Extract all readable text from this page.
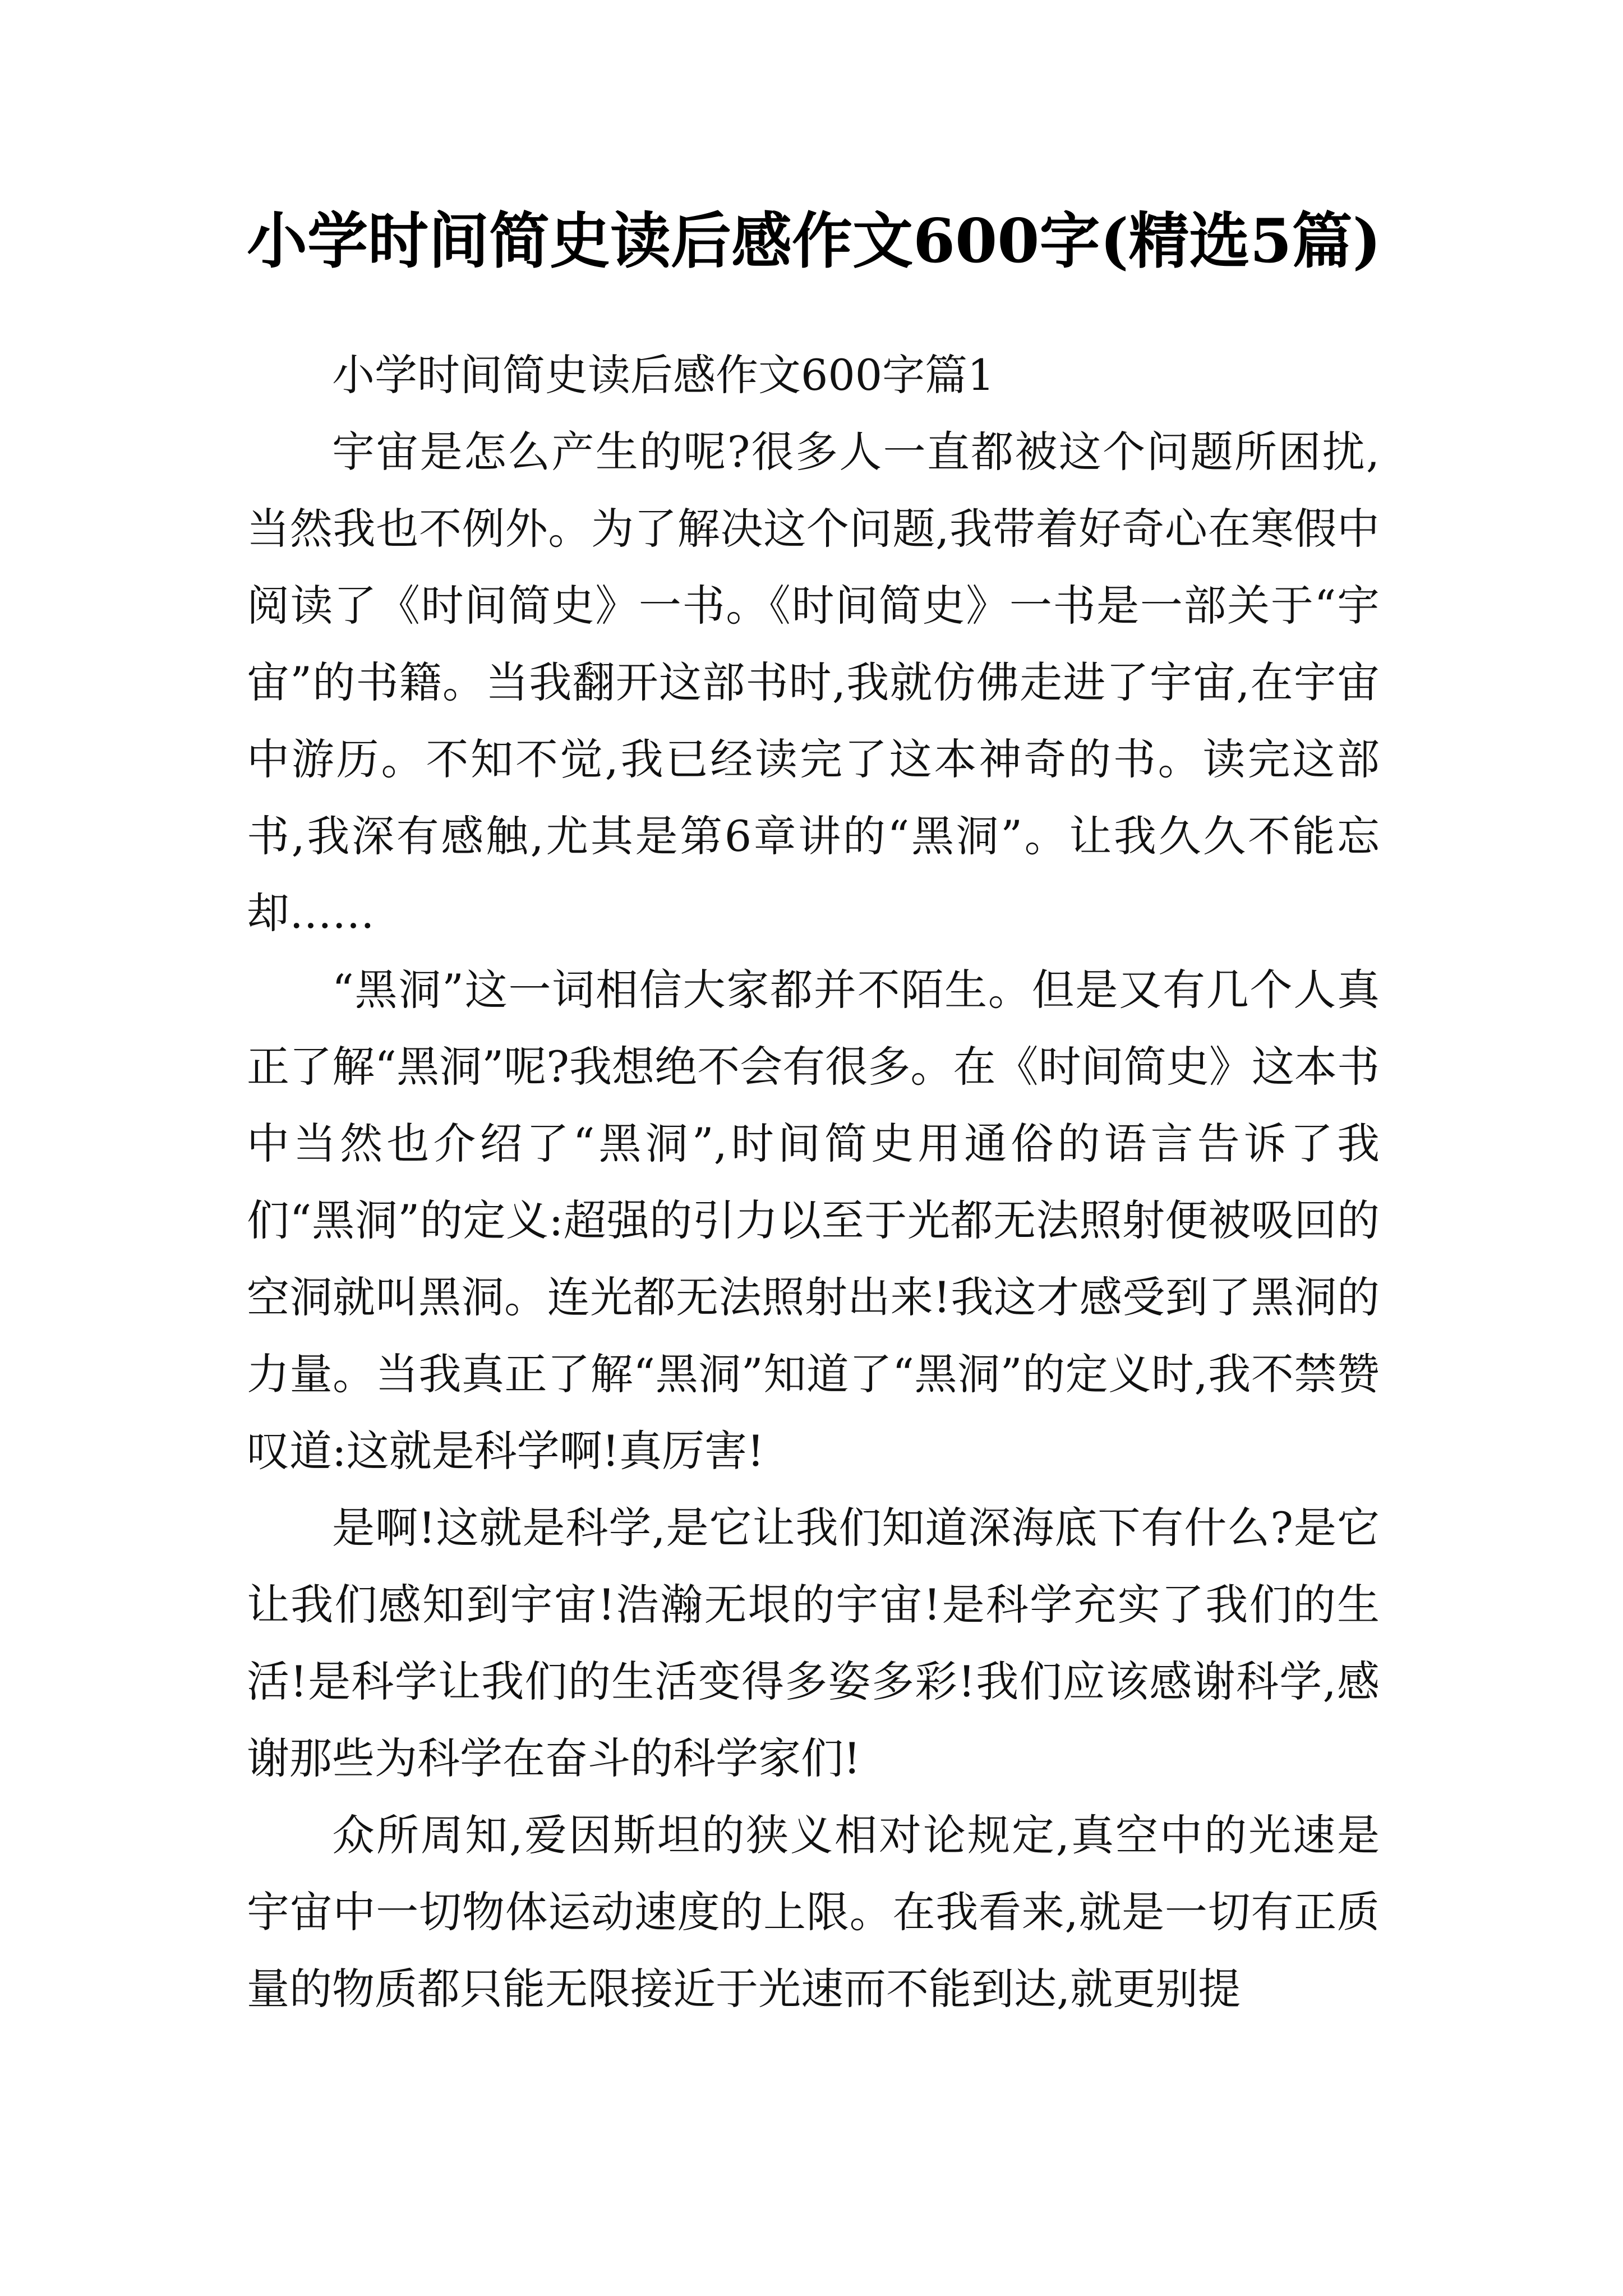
小学时间简史读后感作文600字(精选5篇)

小学时间简史读后感作文600字篇1

宇宙是怎么产生的呢?很多人一直都被这个问题所困扰,当然我也不例外。为了解决这个问题,我带着好奇心在寒假中阅读了《时间简史》一书。《时间简史》一书是一部关于“宇宙”的书籍。当我翻开这部书时,我就仿佛走进了宇宙,在宇宙中游历。不知不觉,我已经读完了这本神奇的书。读完这部书,我深有感触,尤其是第6章讲的“黑洞”。让我久久不能忘却……

“黑洞”这一词相信大家都并不陌生。但是又有几个人真正了解“黑洞”呢?我想绝不会有很多。在《时间简史》这本书中当然也介绍了“黑洞”,时间简史用通俗的语言告诉了我们“黑洞”的定义:超强的引力以至于光都无法照射便被吸回的空洞就叫黑洞。连光都无法照射出来!我这才感受到了黑洞的力量。当我真正了解“黑洞”知道了“黑洞”的定义时,我不禁赞叹道:这就是科学啊!真厉害!

是啊!这就是科学,是它让我们知道深海底下有什么?是它让我们感知到宇宙!浩瀚无垠的宇宙!是科学充实了我们的生活!是科学让我们的生活变得多姿多彩!我们应该感谢科学,感谢那些为科学在奋斗的科学家们!

众所周知,爱因斯坦的狭义相对论规定,真空中的光速是宇宙中一切物体运动速度的上限。在我看来,就是一切有正质量的物质都只能无限接近于光速而不能到达,就更别提
